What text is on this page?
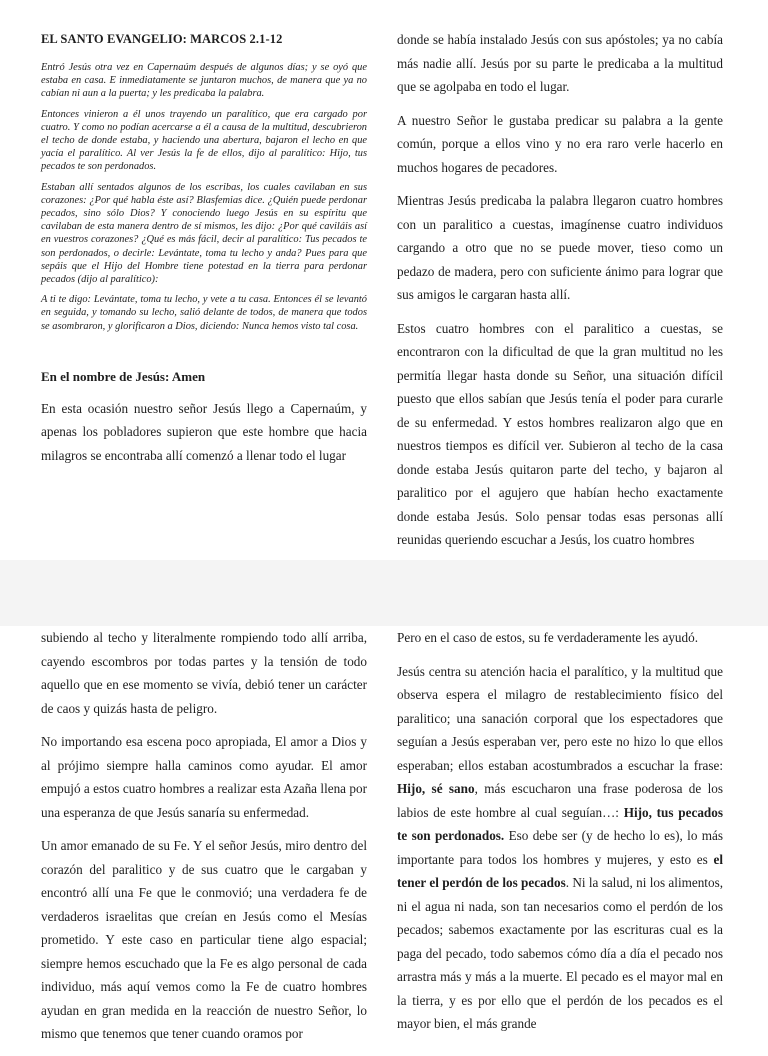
EL SANTO EVANGELIO: MARCOS 2.1-12

Entró Jesús otra vez en Capernaúm después de algunos días; y se oyó que estaba en casa. E inmediatamente se juntaron muchos, de manera que ya no cabían ni aun a la puerta; y les predicaba la palabra.

Entonces vinieron a él unos trayendo un paralítico, que era cargado por cuatro. Y como no podían acercarse a él a causa de la multitud, descubrieron el techo de donde estaba, y haciendo una abertura, bajaron el lecho en que yacía el paralítico. Al ver Jesús la fe de ellos, dijo al paralítico: Hijo, tus pecados te son perdonados.

Estaban allí sentados algunos de los escribas, los cuales cavilaban en sus corazones: ¿Por qué habla éste así? Blasfemias dice. ¿Quién puede perdonar pecados, sino sólo Dios? Y conociendo luego Jesús en su espíritu que cavilaban de esta manera dentro de sí mismos, les dijo: ¿Por qué caviláis así en vuestros corazones? ¿Qué es más fácil, decir al paralítico: Tus pecados te son perdonados, o decirle: Levántate, toma tu lecho y anda? Pues para que sepáis que el Hijo del Hombre tiene potestad en la tierra para perdonar pecados (dijo al paralítico):

A ti te digo: Levántate, toma tu lecho, y vete a tu casa. Entonces él se levantó en seguida, y tomando su lecho, salió delante de todos, de manera que todos se asombraron, y glorificaron a Dios, diciendo: Nunca hemos visto tal cosa.

En el nombre de Jesús: Amen

En esta ocasión nuestro señor Jesús llego a Capernaúm, y apenas los pobladores supieron que este hombre que hacia milagros se encontraba allí comenzó a llenar todo el lugar

donde se había instalado Jesús con sus apóstoles; ya no cabía más nadie allí. Jesús por su parte le predicaba a la multitud que se agolpaba en todo el lugar.

A nuestro Señor le gustaba predicar su palabra a la gente común, porque a ellos vino y no era raro verle hacerlo en muchos hogares de pecadores.

Mientras Jesús predicaba la palabra llegaron cuatro hombres con un paralitico a cuestas, imagínense cuatro individuos cargando a otro que no se puede mover, tieso como un pedazo de madera, pero con suficiente ánimo para lograr que sus amigos le cargaran hasta allí.

Estos cuatro hombres con el paralitico a cuestas, se encontraron con la dificultad de que la gran multitud no les permitía llegar hasta donde su Señor, una situación difícil puesto que ellos sabían que Jesús tenía el poder para curarle de su enfermedad. Y estos hombres realizaron algo que en nuestros tiempos es difícil ver. Subieron al techo de la casa donde estaba Jesús quitaron parte del techo, y bajaron al paralitico por el agujero que habían hecho exactamente donde estaba Jesús. Solo pensar todas esas personas allí reunidas queriendo escuchar a Jesús, los cuatro hombres

subiendo al techo y literalmente rompiendo todo allí arriba, cayendo escombros por todas partes y la tensión de todo aquello que en ese momento se vivía, debió tener un carácter de caos y quizás hasta de peligro.

No importando esa escena poco apropiada, El amor a Dios y al prójimo siempre halla caminos como ayudar. El amor empujó a estos cuatro hombres a realizar esta Azaña llena por una esperanza de que Jesús sanaría su enfermedad.

Un amor emanado de su Fe. Y el señor Jesús, miro dentro del corazón del paralitico y de sus cuatro que le cargaban y encontró allí una Fe que le conmovió; una verdadera fe de verdaderos israelitas que creían en Jesús como el Mesías prometido. Y este caso en particular tiene algo espacial; siempre hemos escuchado que la Fe es algo personal de cada individuo, más aquí vemos como la Fe de cuatro hombres ayudan en gran medida en la reacción de nuestro Señor, lo mismo que tenemos que tener cuando oramos por

Pero en el caso de estos, su fe verdaderamente les ayudó.

Jesús centra su atención hacia el paralítico, y la multitud que observa espera el milagro de restablecimiento físico del paralitico; una sanación corporal que los espectadores que seguían a Jesús esperaban ver, pero este no hizo lo que ellos esperaban; ellos estaban acostumbrados a escuchar la frase: Hijo, sé sano, más escucharon una frase poderosa de los labios de este hombre al cual seguían…: Hijo, tus pecados te son perdonados. Eso debe ser (y de hecho lo es), lo más importante para todos los hombres y mujeres, y esto es el tener el perdón de los pecados. Ni la salud, ni los alimentos, ni el agua ni nada, son tan necesarios como el perdón de los pecados; sabemos exactamente por las escrituras cual es la paga del pecado, todo sabemos cómo día a día el pecado nos arrastra más y más a la muerte. El pecado es el mayor mal en la tierra, y es por ello que el perdón de los pecados es el mayor bien, el más grande
